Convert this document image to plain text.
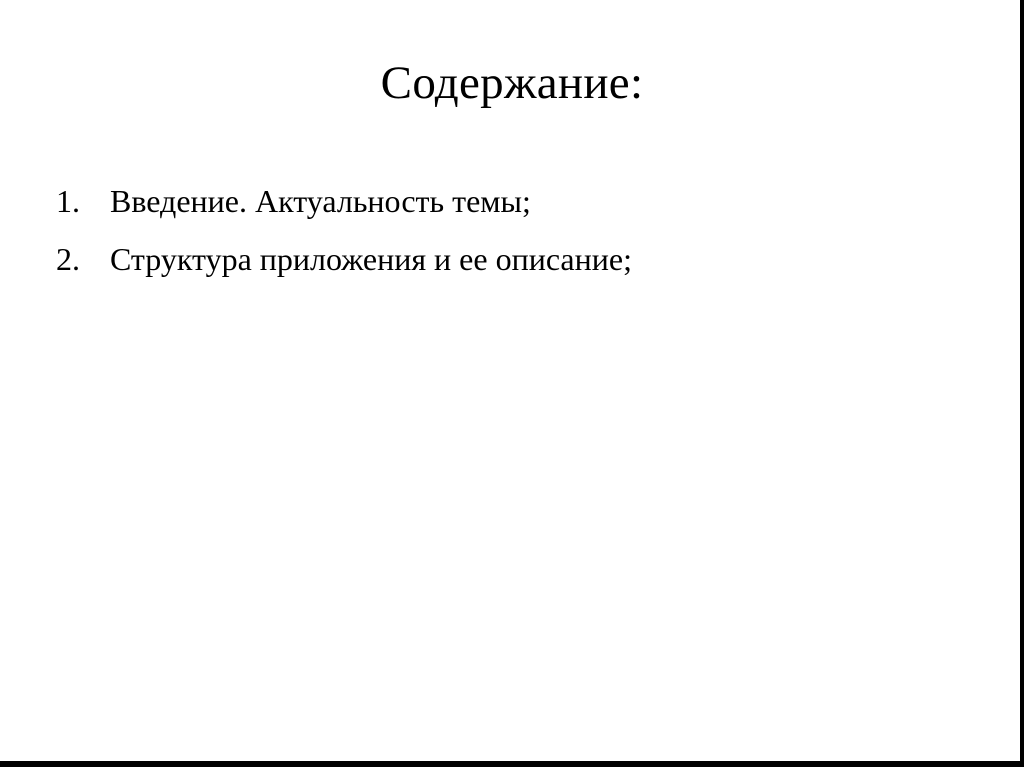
Содержание:
1. Введение. Актуальность темы;
2. Структура приложения и ее описание;
